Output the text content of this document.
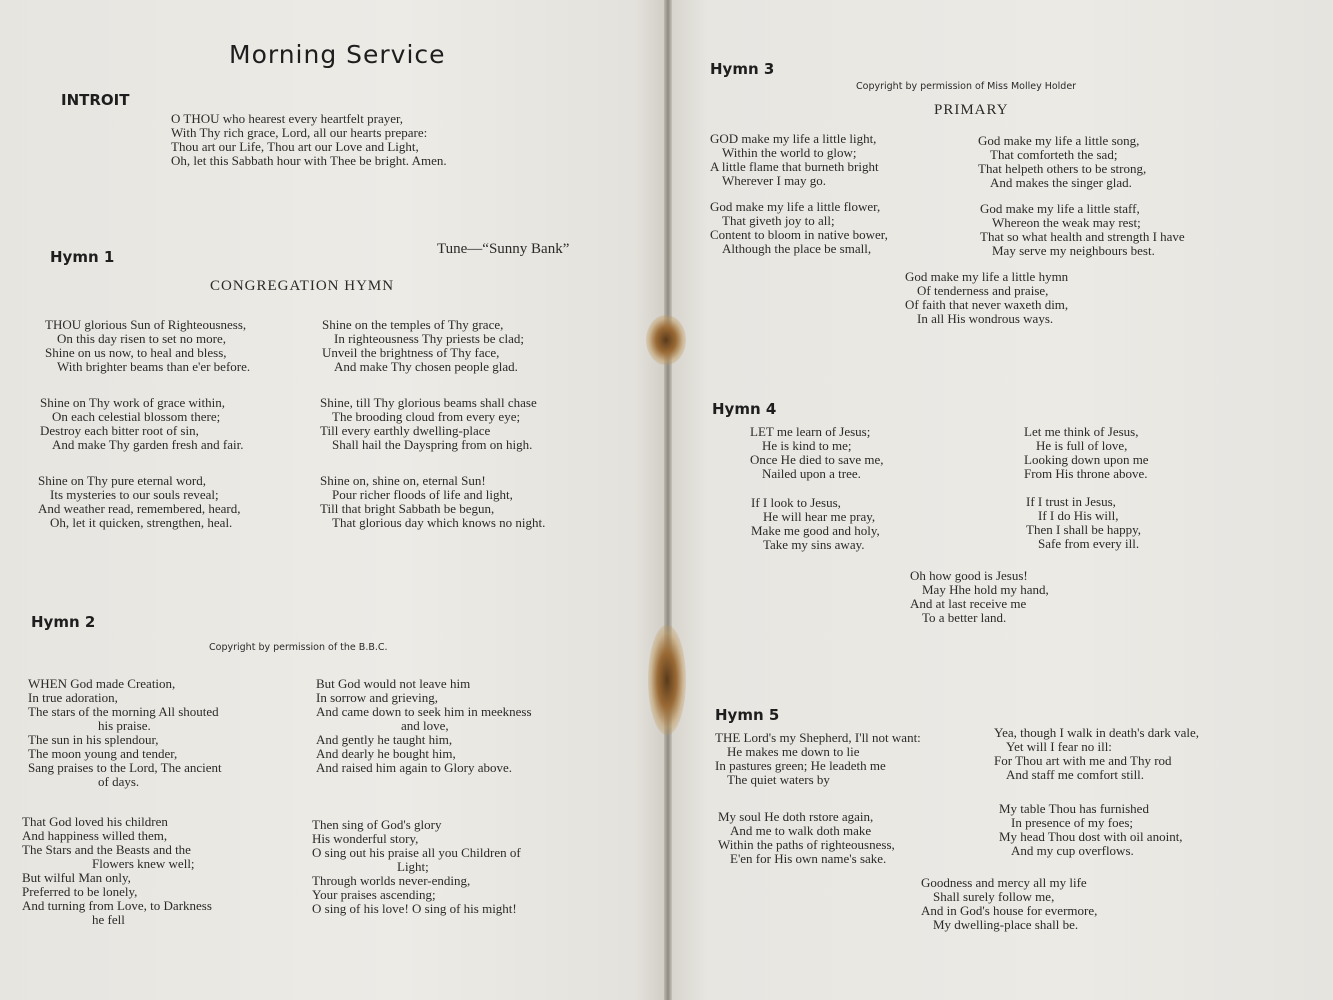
Morning Service
INTROIT
O THOU who hearest every heartfelt prayer,
With Thy rich grace, Lord, all our hearts prepare:
Thou art our Life, Thou art our Love and Light,
Oh, let this Sabbath hour with Thee be bright. Amen.
Hymn 1	Tune—“Sunny Bank”
CONGREGATION HYMN
THOU glorious Sun of Righteousness,
On this day risen to set no more,
Shine on us now, to heal and bless,
With brighter beams than e'er before.
Shine on the temples of Thy grace,
In righteousness Thy priests be clad;
Unveil the brightness of Thy face,
And make Thy chosen people glad.
Shine on Thy work of grace within,
On each celestial blossom there;
Destroy each bitter root of sin,
And make Thy garden fresh and fair.
Shine, till Thy glorious beams shall chase
The brooding cloud from every eye;
Till every earthly dwelling-place
Shall hail the Dayspring from on high.
Shine on Thy pure eternal word,
Its mysteries to our souls reveal;
And weather read, remembered, heard,
Oh, let it quicken, strengthen, heal.
Shine on, shine on, eternal Sun!
Pour richer floods of life and light,
Till that bright Sabbath be begun,
That glorious day which knows no night.
Hymn 2
Copyright by permission of the B.B.C.
WHEN God made Creation,
In true adoration,
The stars of the morning All shouted
his praise.
The sun in his splendour,
The moon young and tender,
Sang praises to the Lord, The ancient
of days.
But God would not leave him
In sorrow and grieving,
And came down to seek him in meekness
and love,
And gently he taught him,
And dearly he bought him,
And raised him again to Glory above.
That God loved his children
And happiness willed them,
The Stars and the Beasts and the
Flowers knew well;
But wilful Man only,
Preferred to be lonely,
And turning from Love, to Darkness
he fell
Then sing of God's glory
His wonderful story,
O sing out his praise all you Children of
Light;
Through worlds never-ending,
Your praises ascending;
O sing of his love! O sing of his might!
Hymn 3
Copyright by permission of Miss Molley Holder
PRIMARY
GOD make my life a little light,
Within the world to glow;
A little flame that burneth bright
Wherever I may go.
God make my life a little song,
That comforteth the sad;
That helpeth others to be strong,
And makes the singer glad.
God make my life a little flower,
That giveth joy to all;
Content to bloom in native bower,
Although the place be small,
God make my life a little staff,
Whereon the weak may rest;
That so what health and strength I have
May serve my neighbours best.
God make my life a little hymn
Of tenderness and praise,
Of faith that never waxeth dim,
In all His wondrous ways.
Hymn 4
LET me learn of Jesus;
He is kind to me;
Once He died to save me,
Nailed upon a tree.
Let me think of Jesus,
He is full of love,
Looking down upon me
From His throne above.
If I look to Jesus,
He will hear me pray,
Make me good and holy,
Take my sins away.
If I trust in Jesus,
If I do His will,
Then I shall be happy,
Safe from every ill.
Oh how good is Jesus!
May Hhe hold my hand,
And at last receive me
To a better land.
Hymn 5
THE Lord's my Shepherd, I'll not want:
He makes me down to lie
In pastures green; He leadeth me
The quiet waters by
Yea, though I walk in death's dark vale,
Yet will I fear no ill:
For Thou art with me and Thy rod
And staff me comfort still.
My soul He doth rstore again,
And me to walk doth make
Within the paths of righteousness,
E'en for His own name's sake.
My table Thou has furnished
In presence of my foes;
My head Thou dost with oil anoint,
And my cup overflows.
Goodness and mercy all my life
Shall surely follow me,
And in God's house for evermore,
My dwelling-place shall be.
